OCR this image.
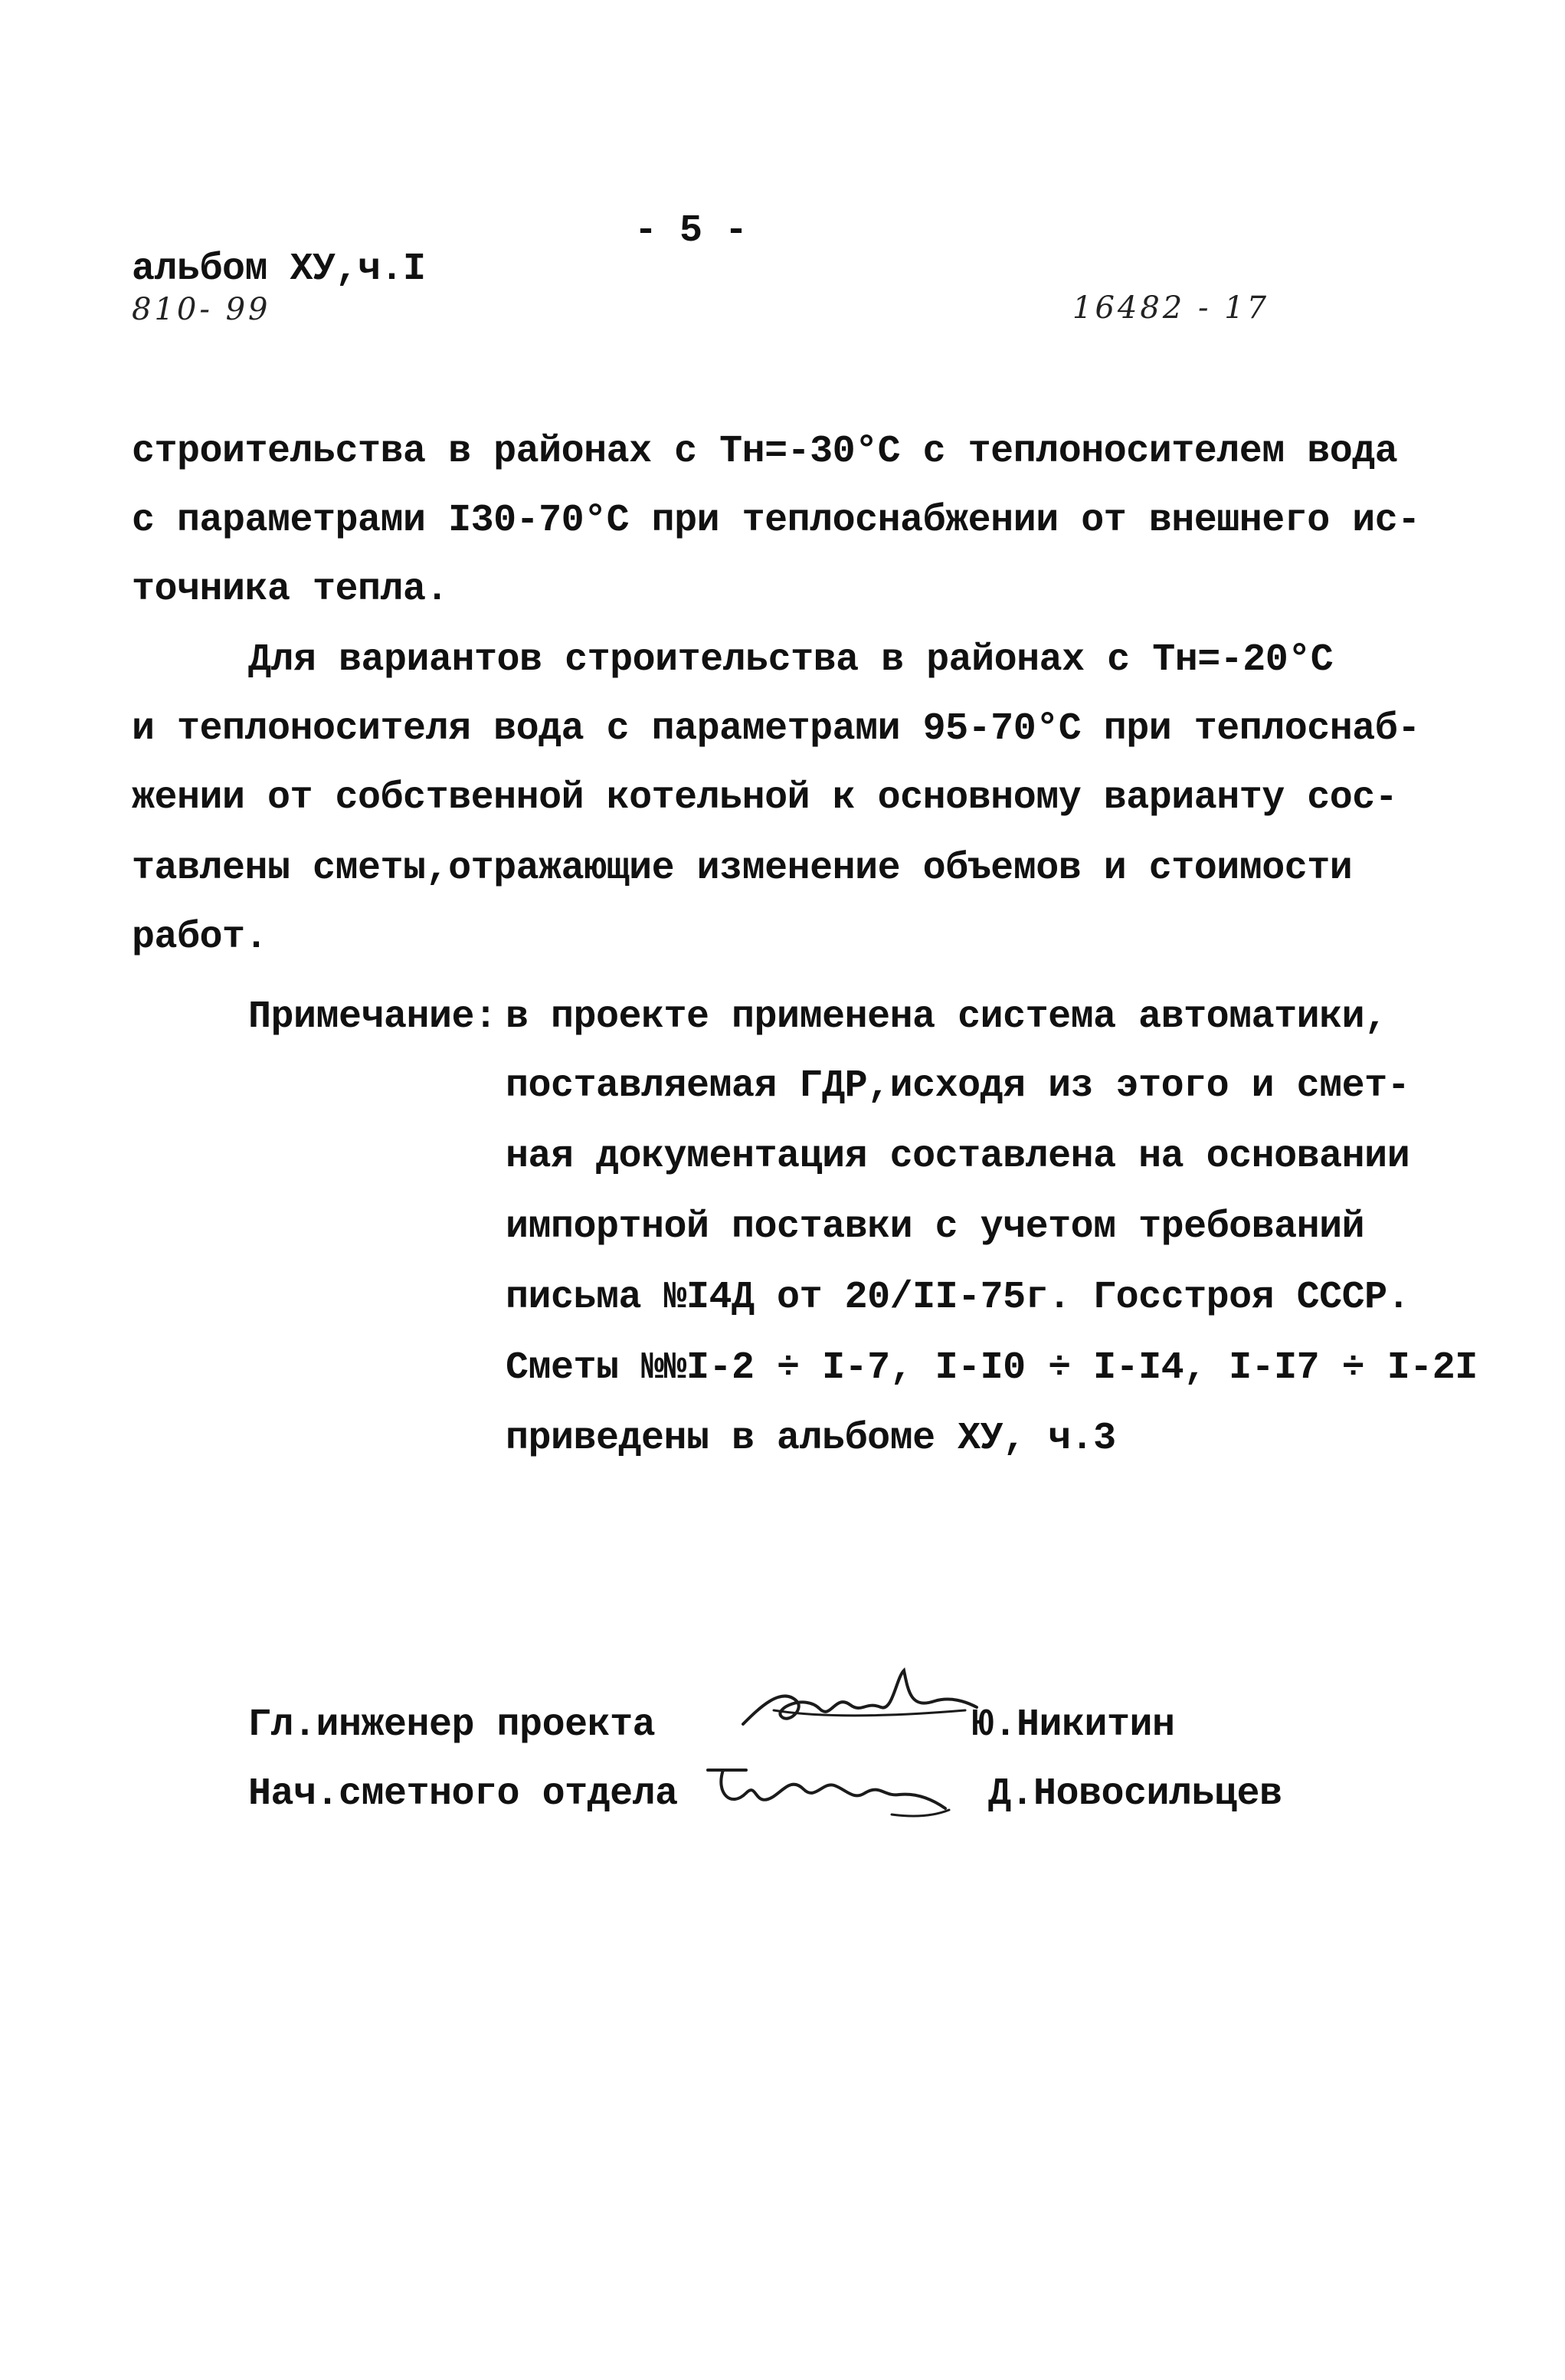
- 5 -
альбом ХУ,ч.I
810- 99	16482 - 17
строительства в районах с Тн=-30°С с теплоносителем вода
с параметрами I30-70°С при теплоснабжении от внешнего ис-
точника тепла.
Для вариантов строительства в районах с Тн=-20°С
и теплоносителя вода с параметрами 95-70°С при теплоснаб-
жении от собственной котельной к основному варианту сос-
тавлены сметы,отражающие изменение объемов и стоимости
работ.
Примечание: в проекте применена система автоматики,
поставляемая ГДР,исходя из этого и смет-
ная документация составлена на основании
импортной поставки с учетом требований
письма №I4Д от 20/II-75г. Госстроя СССР.
Сметы №№I-2 ÷ I-7, I-I0 ÷ I-I4, I-I7 ÷ I-2I
приведены в альбоме ХУ, ч.3
Гл.инженер проекта	Ю.Никитин
Нач.сметного отдела	Д.Новосильцев
